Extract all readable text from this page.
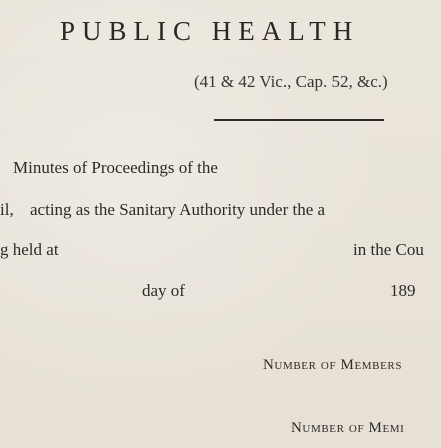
PUBLIC HEALTH
(41 & 42 Vic., Cap. 52, &c.)
Minutes of Proceedings of the
il, acting as the Sanitary Authority under the a
g held at	in the Cou
day of	189
Number of Members
Number of Memi
